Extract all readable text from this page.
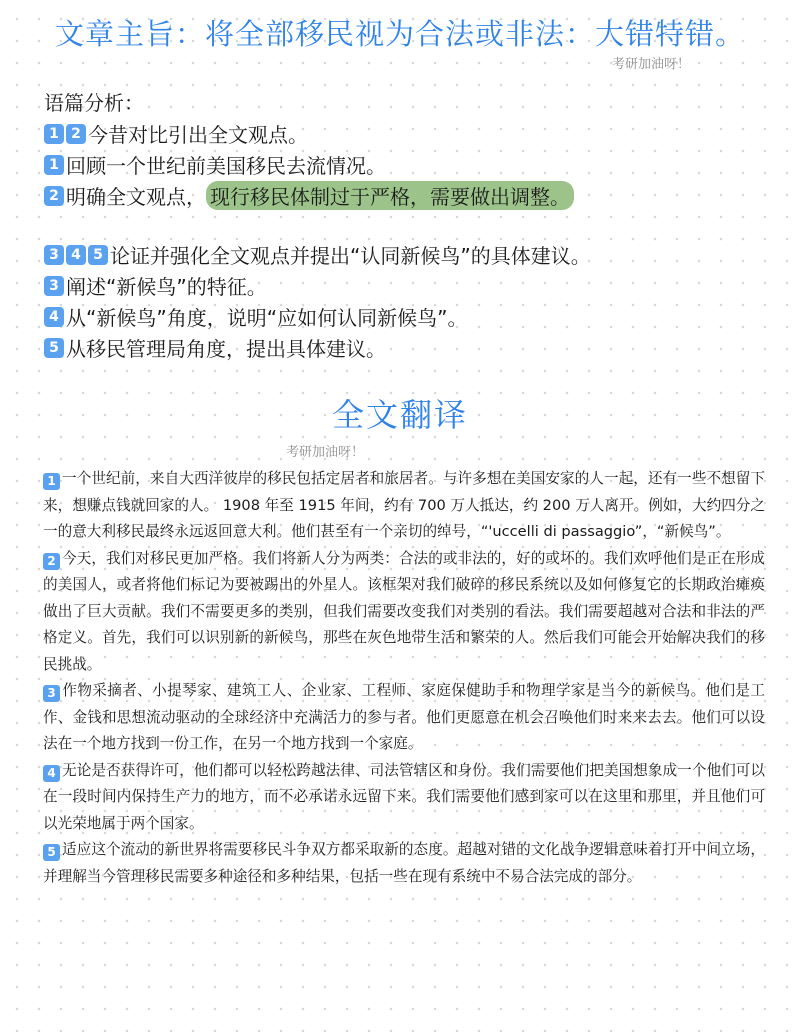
文章主旨：将全部移民视为合法或非法：大错特错。
考研加油呀！
语篇分析：
1 2 今昔对比引出全文观点。
1 回顾一个世纪前美国移民去流情况。
2 明确全文观点， 现行移民体制过于严格，需要做出调整。
3 4 5 论证并强化全文观点并提出“认同新候鸟”的具体建议。
3 阐述“新候鸟”的特征。
4 从“新候鸟”角度，说明“应如何认同新候鸟”。
5 从移民管理局角度，提出具体建议。
全文翻译
考研加油呀！
1 一个世纪前，来自大西洋彼岸的移民包括定居者和旅居者。与许多想在美国安家的人一起，还有一些不想留下来，想赚点钱就回家的人。 1908 年至 1915 年间，约有 700 万人抵达，约 200 万人离开。例如，大约四分之一的意大利移民最终永远返回意大利。他们甚至有一个亲切的绰号，“'uccelli di passaggio”，“新候鸟”。
2 今天，我们对移民更加严格。我们将新人分为两类：合法的或非法的，好的或坏的。我们欢呼他们是正在形成的美国人，或者将他们标记为要被踢出的外星人。该框架对我们破碎的移民系统以及如何修复它的长期政治瘫痪做出了巨大贡献。我们不需要更多的类别，但我们需要改变我们对类别的看法。我们需要超越对合法和非法的严格定义。首先，我们可以识别新的新候鸟，那些在灰色地带生活和繁荣的人。然后我们可能会开始解决我们的移民挑战。
3 作物采摘者、小提琴家、建筑工人、企业家、工程师、家庭保健助手和物理学家是当今的新候鸟。他们是工作、金钱和思想流动驱动的全球经济中充满活力的参与者。他们更愿意在机会召唤他们时来来去去。他们可以设法在一个地方找到一份工作，在另一个地方找到一个家庭。
4 无论是否获得许可，他们都可以轻松跨越法律、司法管辖区和身份。我们需要他们把美国想象成一个他们可以在一段时间内保持生产力的地方，而不必承诺永远留下来。我们需要他们感到家可以在这里和那里，并且他们可以光荣地属于两个国家。
5 适应这个流动的新世界将需要移民斗争双方都采取新的态度。超越对错的文化战争逻辑意味着打开中间立场，并理解当今管理移民需要多种途径和多种结果，包括一些在现有系统中不易合法完成的部分。
